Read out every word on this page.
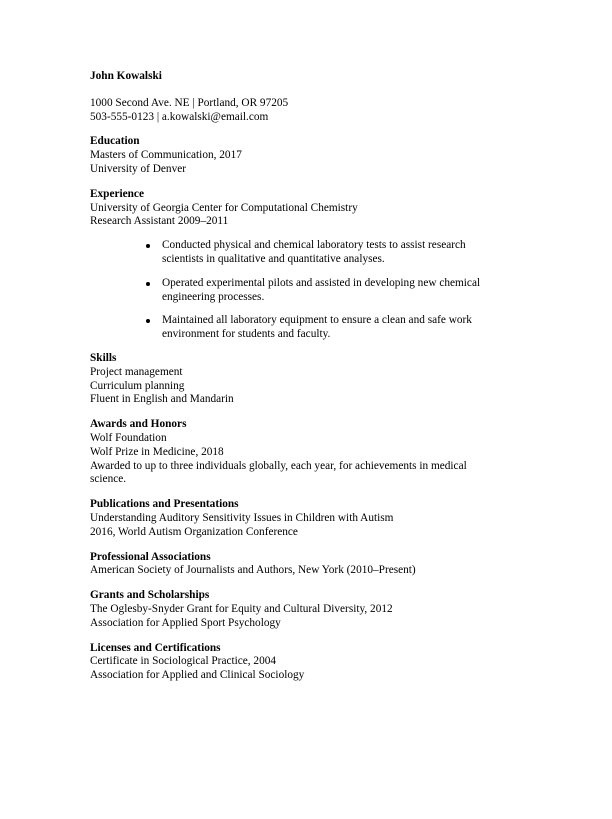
John Kowalski

1000 Second Ave. NE | Portland, OR 97205

503-555-0123 | a.kowalski@email.com

Education

Masters of Communication, 2017

University of Denver

Experience

University of Georgia Center for Computational Chemistry

Research Assistant 2009–2011

Conducted physical and chemical laboratory tests to assist research scientists in qualitative and quantitative analyses.
Operated experimental pilots and assisted in developing new chemical engineering processes.
Maintained all laboratory equipment to ensure a clean and safe work environment for students and faculty.

Skills

Project management

Curriculum planning

Fluent in English and Mandarin

Awards and Honors

Wolf Foundation

Wolf Prize in Medicine, 2018

Awarded to up to three individuals globally, each year, for achievements in medical science.

Publications and Presentations

Understanding Auditory Sensitivity Issues in Children with Autism

2016, World Autism Organization Conference

Professional Associations

American Society of Journalists and Authors, New York (2010–Present)

Grants and Scholarships

The Oglesby-Snyder Grant for Equity and Cultural Diversity, 2012

Association for Applied Sport Psychology

Licenses and Certifications

Certificate in Sociological Practice, 2004

Association for Applied and Clinical Sociology
